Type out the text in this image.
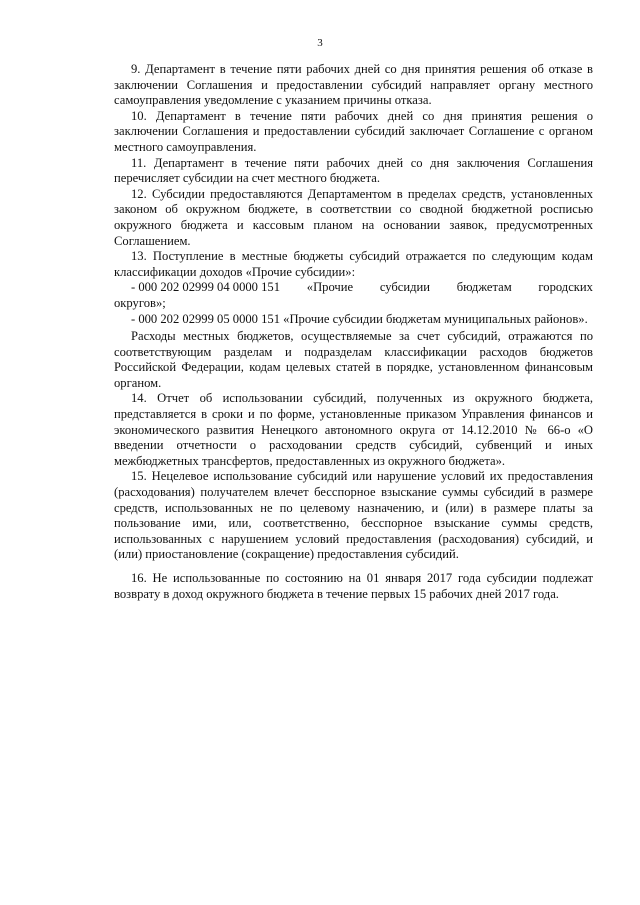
3

9. Департамент в течение пяти рабочих дней со дня принятия решения об отказе в заключении Соглашения и предоставлении субсидий направляет органу местного самоуправления уведомление с указанием причины отказа.

10. Департамент в течение пяти рабочих дней со дня принятия решения о заключении Соглашения и предоставлении субсидий заключает Соглашение с органом местного самоуправления.

11. Департамент в течение пяти рабочих дней со дня заключения Соглашения перечисляет субсидии на счет местного бюджета.

12. Субсидии предоставляются Департаментом в пределах средств, установленных законом об окружном бюджете, в соответствии со сводной бюджетной росписью окружного бюджета и кассовым планом на основании заявок, предусмотренных Соглашением.

13. Поступление в местные бюджеты субсидий отражается по следующим кодам классификации доходов «Прочие субсидии»:

- 000 202 02999 04 0000 151 «Прочие субсидии бюджетам городских

округов»;

- 000 202 02999 05 0000 151 «Прочие субсидии бюджетам муниципальных районов».

Расходы местных бюджетов, осуществляемые за счет субсидий, отражаются по соответствующим разделам и подразделам классификации расходов бюджетов Российской Федерации, кодам целевых статей в порядке, установленном финансовым органом.

14. Отчет об использовании субсидий, полученных из окружного бюджета, представляется в сроки и по форме, установленные приказом Управления финансов и экономического развития Ненецкого автономного округа от 14.12.2010 № 66-о «О введении отчетности о расходовании средств субсидий, субвенций и иных межбюджетных трансфертов, предоставленных из окружного бюджета».

15. Нецелевое использование субсидий или нарушение условий их предоставления (расходования) получателем влечет бесспорное взыскание суммы субсидий в размере средств, использованных не по целевому назначению, и (или) в размере платы за пользование ими, или, соответственно, бесспорное взыскание суммы средств, использованных с нарушением условий предоставления (расходования) субсидий, и (или) приостановление (сокращение) предоставления субсидий.

16. Не использованные по состоянию на 01 января 2017 года субсидии подлежат возврату в доход окружного бюджета в течение первых 15 рабочих дней 2017 года.
